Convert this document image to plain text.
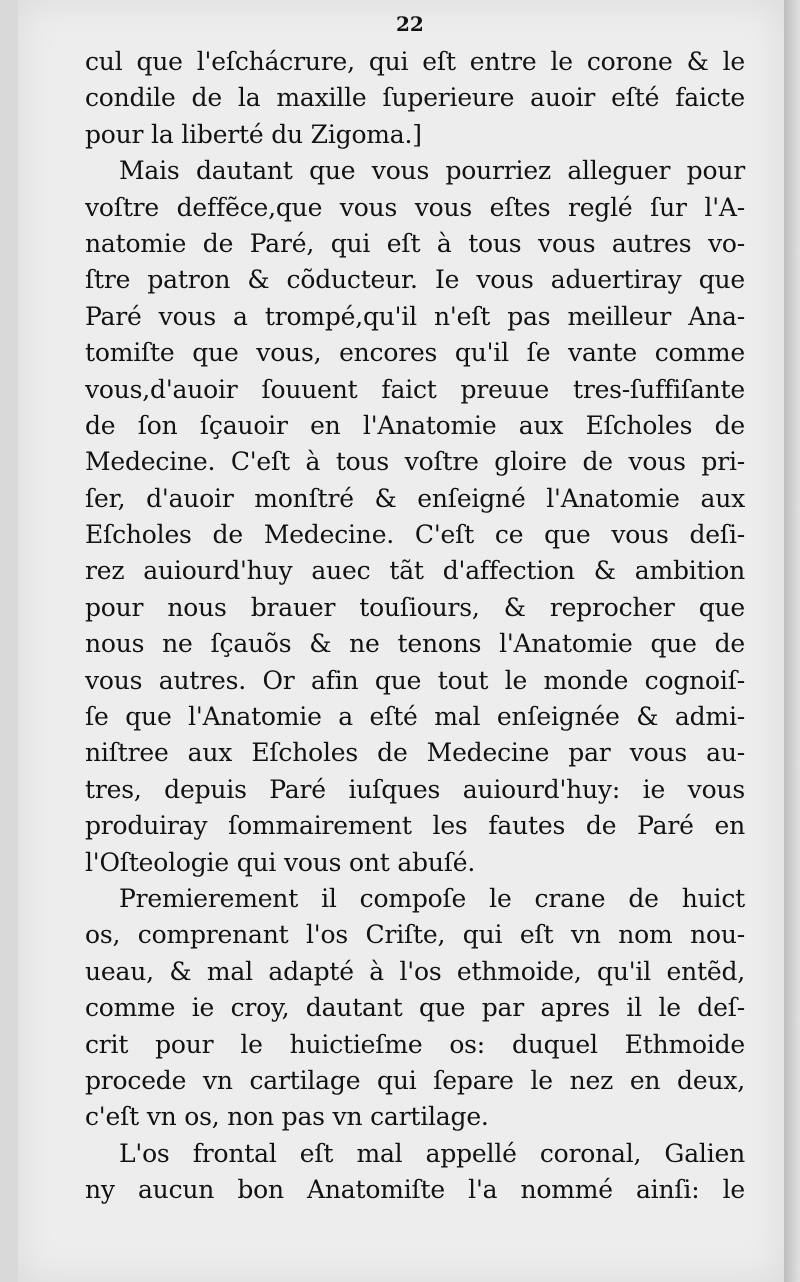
22
cul que l'eſchácrure, qui eſt entre le corone & le
condile de la maxille ſuperieure auoir eſté faicte
pour la liberté du Zigoma.]
Mais dautant que vous pourriez alleguer pour
voſtre deffẽce,que vous vous eſtes reglé ſur l'A-
natomie de Paré, qui eſt à tous vous autres vo-
ſtre patron & cõducteur. Ie vous aduertiray que
Paré vous a trompé,qu'il n'eſt pas meilleur Ana-
tomiſte que vous, encores qu'il ſe vante comme
vous,d'auoir ſouuent faict preuue tres-ſuffiſante
de ſon ſçauoir en l'Anatomie aux Eſcholes de
Medecine. C'eſt à tous voſtre gloire de vous pri-
ſer, d'auoir monſtré & enſeigné l'Anatomie aux
Eſcholes de Medecine. C'eſt ce que vous deſi-
rez auiourd'huy auec tãt d'affection & ambition
pour nous brauer touſiours, & reprocher que
nous ne ſçauõs & ne tenons l'Anatomie que de
vous autres. Or afin que tout le monde cognoiſ-
ſe que l'Anatomie a eſté mal enſeignée & admi-
niſtree aux Eſcholes de Medecine par vous au-
tres, depuis Paré iuſques auiourd'huy: ie vous
produiray ſommairement les fautes de Paré en
l'Oſteologie qui vous ont abuſé.
Premierement il compoſe le crane de huict
os, comprenant l'os Criſte, qui eſt vn nom nou-
ueau, & mal adapté à l'os ethmoide, qu'il entẽd,
comme ie croy, dautant que par apres il le deſ-
crit pour le huictieſme os: duquel Ethmoide
procede vn cartilage qui ſepare le nez en deux,
c'eſt vn os, non pas vn cartilage.
L'os frontal eſt mal appellé coronal, Galien
ny aucun bon Anatomiſte l'a nommé ainſi: le
